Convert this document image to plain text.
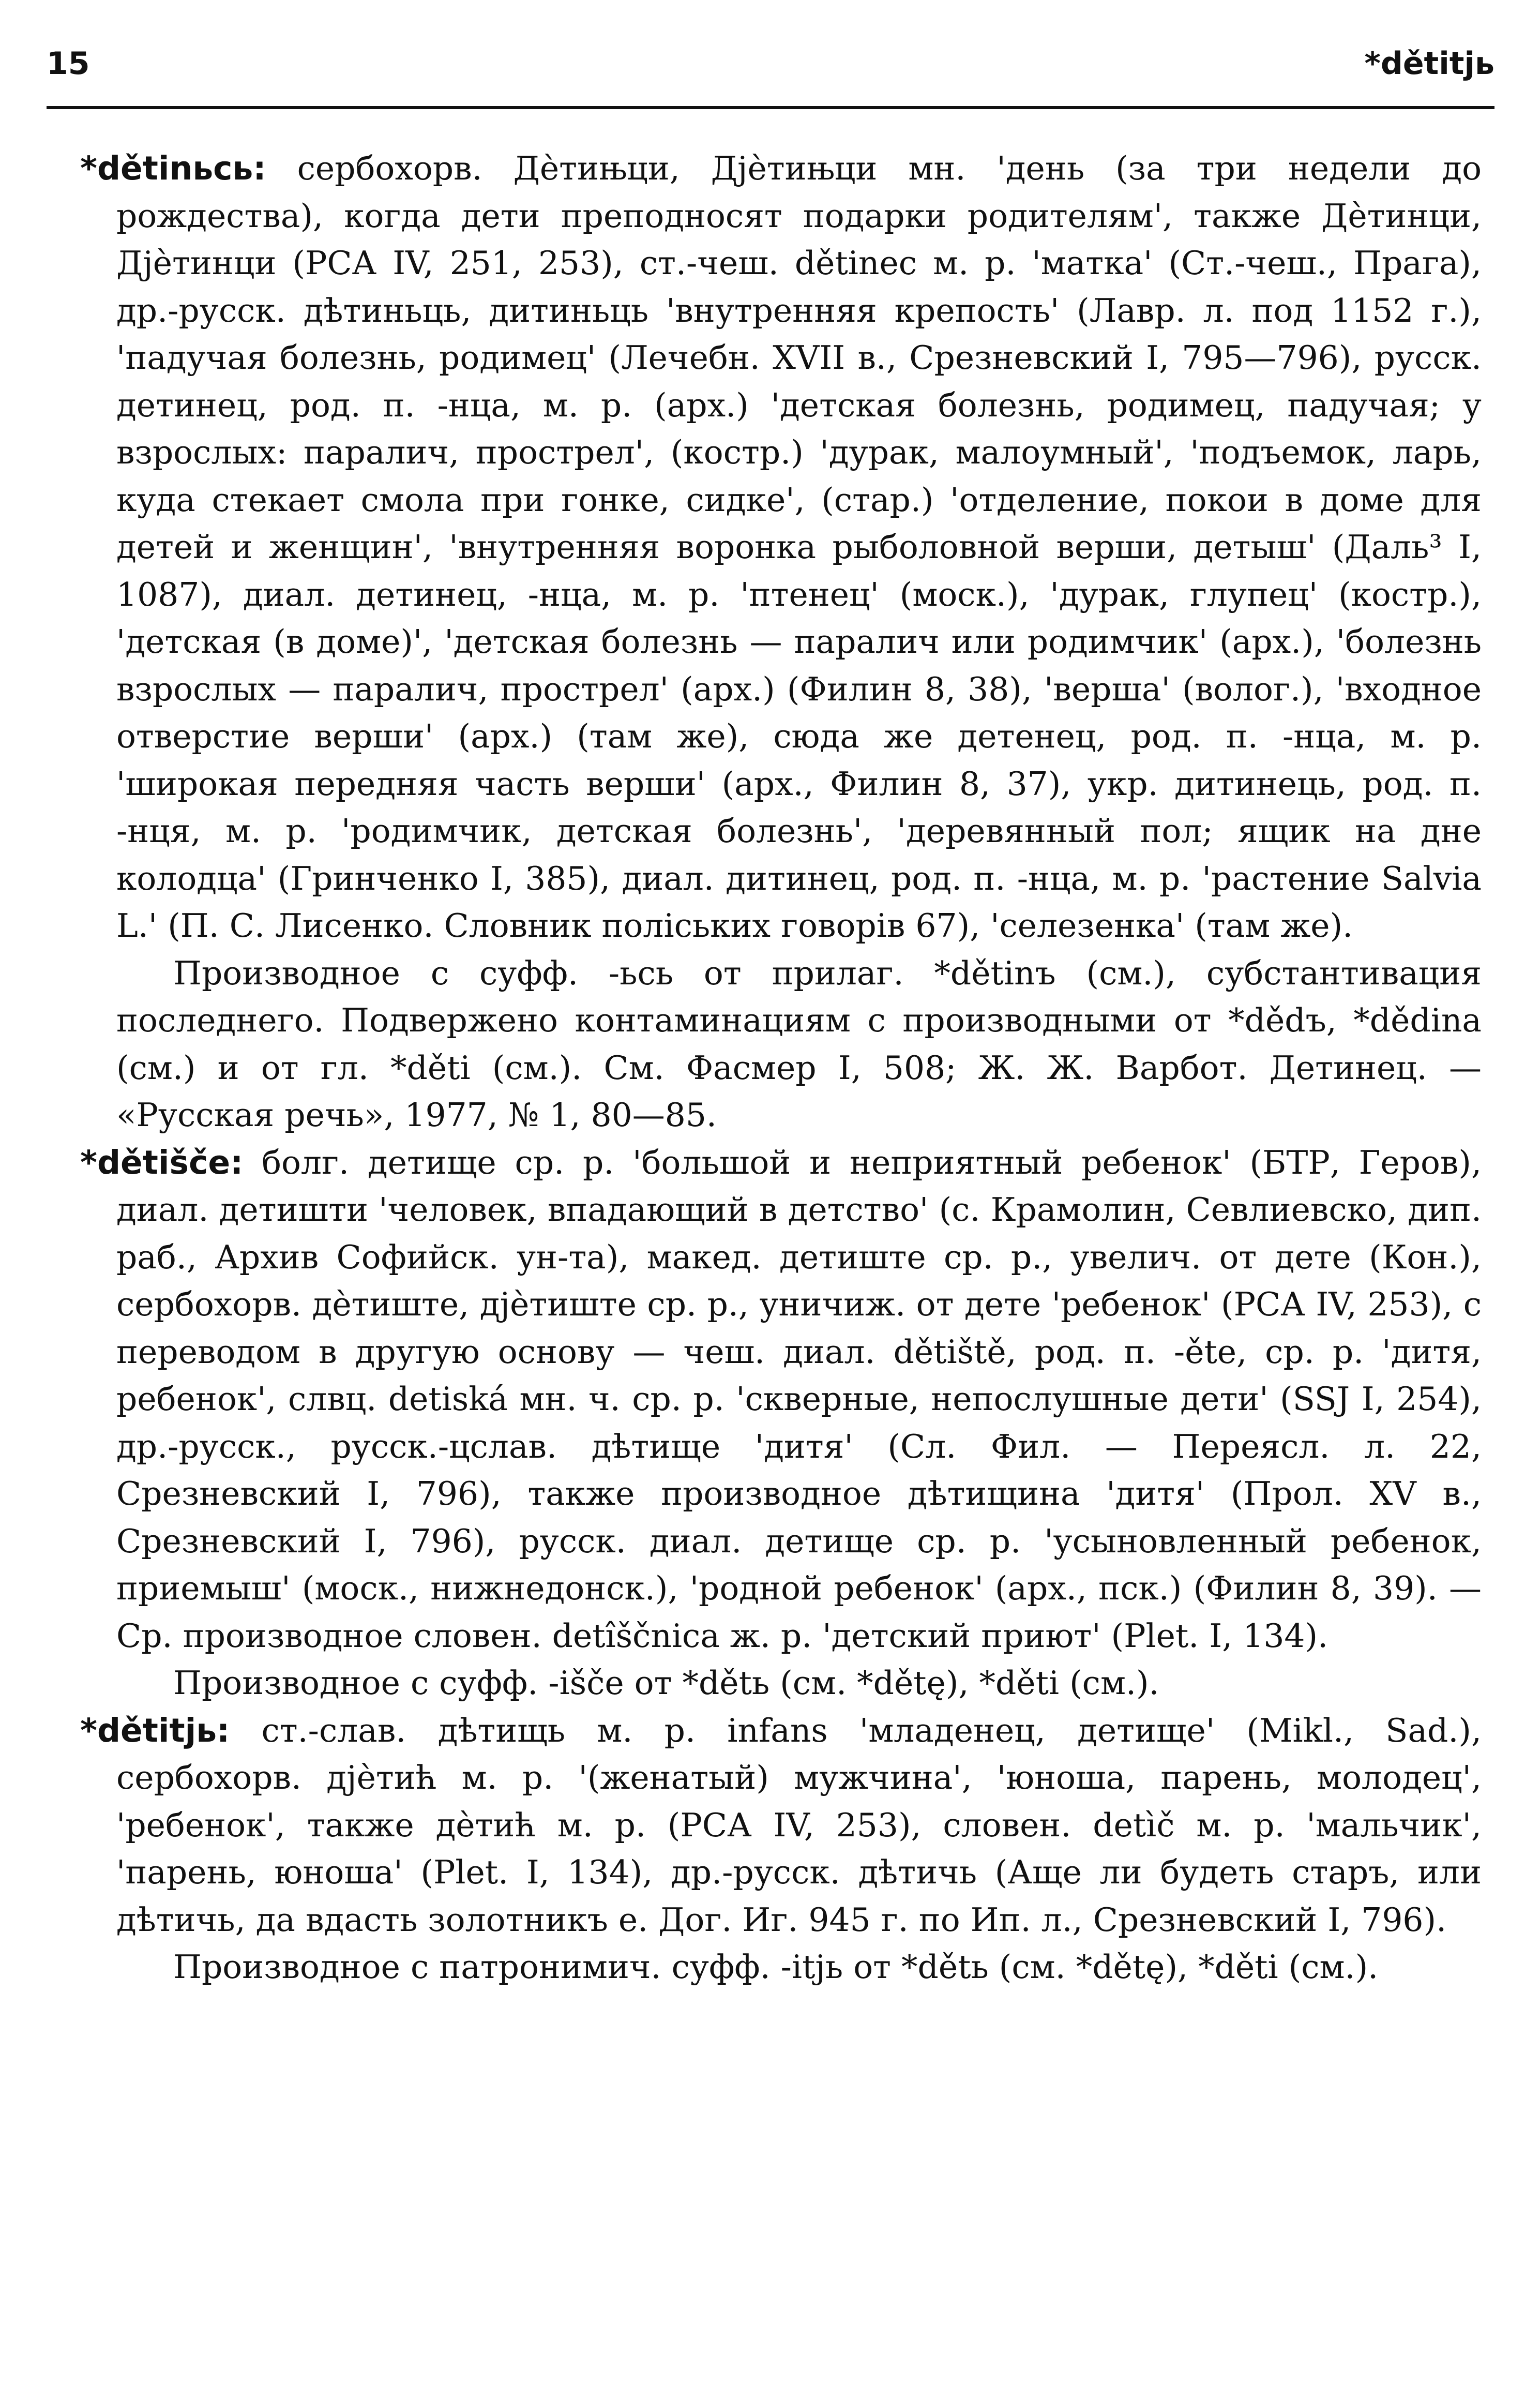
15	*dětitjь

*dětinьcь: сербохорв. Дѐтињци, Дјѐтињци мн. 'день (за три недели до рождества), когда дети преподносят подарки родителям', также Дѐтинци, Дјѐтинци (РСА IV, 251, 253), ст.-чеш. dětinec м. р. 'матка' (Ст.-чеш., Прага), др.-русск. дѣтиньць, дитиньць 'внутренняя крепость' (Лавр. л. под 1152 г.), 'падучая болезнь, родимец' (Лечебн. XVII в., Срезневский I, 795—796), русск. детинец, род. п. -нца, м. р. (арх.) 'детская болезнь, родимец, падучая; у взрослых: паралич, прострел', (костр.) 'дурак, малоумный', 'подъемок, ларь, куда стекает смола при гонке, сидке', (стар.) 'отделение, покои в доме для детей и женщин', 'внутренняя воронка рыболовной верши, детыш' (Даль³ I, 1087), диал. детинец, -нца, м. р. 'птенец' (моск.), 'дурак, глупец' (костр.), 'детская (в доме)', 'детская болезнь — паралич или родимчик' (арх.), 'болезнь взрослых — паралич, прострел' (арх.) (Филин 8, 38), 'верша' (волог.), 'входное отверстие верши' (арх.) (там же), сюда же детенец, род. п. -нца, м. р. 'широкая передняя часть верши' (арх., Филин 8, 37), укр. дитинець, род. п. -нця, м. р. 'родимчик, детская болезнь', 'деревянный пол; ящик на дне колодца' (Гринченко I, 385), диал. дитинец, род. п. -нца, м. р. 'растение Salvia L.' (П. С. Лисенко. Словник поліських говорів 67), 'селезенка' (там же).

Производное с суфф. -ьсь от прилаг. *dětinъ (см.), субстантивация последнего. Подвержено контаминациям с производными от *dědъ, *dědina (см.) и от гл. *děti (см.). См. Фасмер I, 508; Ж. Ж. Варбот. Детинец. — «Русская речь», 1977, № 1, 80—85.

*dětišče: болг. детище ср. р. 'большой и неприятный ребенок' (БТР, Геров), диал. детишти 'человек, впадающий в детство' (с. Крамолин, Севлиевско, дип. раб., Архив Софийск. ун-та), макед. детиште ср. р., увелич. от дете (Кон.), сербохорв. дѐтиште, дјѐтиште ср. р., уничиж. от дете 'ребенок' (РСА IV, 253), с переводом в другую основу — чеш. диал. dětiště, род. п. -ěte, ср. р. 'дитя, ребенок', слвц. detiská мн. ч. ср. р. 'скверные, непослушные дети' (SSJ I, 254), др.-русск., русск.-цслав. дѣтище 'дитя' (Сл. Фил. — Переясл. л. 22, Срезневский I, 796), также производное дѣтищина 'дитя' (Прол. XV в., Срезневский I, 796), русск. диал. детище ср. р. 'усыновленный ребенок, приемыш' (моск., нижнедонск.), 'родной ребенок' (арх., пск.) (Филин 8, 39). — Ср. производное словен. detîščnica ж. р. 'детский приют' (Plet. I, 134).

Производное с суфф. -išče от *dětь (см. *dětę), *děti (см.).

*dětitjь: ст.-слав. дѣтищь м. р. infans 'младенец, детище' (Mikl., Sad.), сербохорв. дјѐтић м. р. '(женатый) мужчина', 'юноша, парень, молодец', 'ребенок', также дѐтић м. р. (РСА IV, 253), словен. detìč м. р. 'мальчик', 'парень, юноша' (Plet. I, 134), др.-русск. дѣтичь (Аще ли будеть старъ, или дѣтичь, да вдасть золотникъ е. Дог. Иг. 945 г. по Ип. л., Срезневский I, 796).

Производное с патронимич. суфф. -itjь от *dětь (см. *dětę), *děti (см.).
